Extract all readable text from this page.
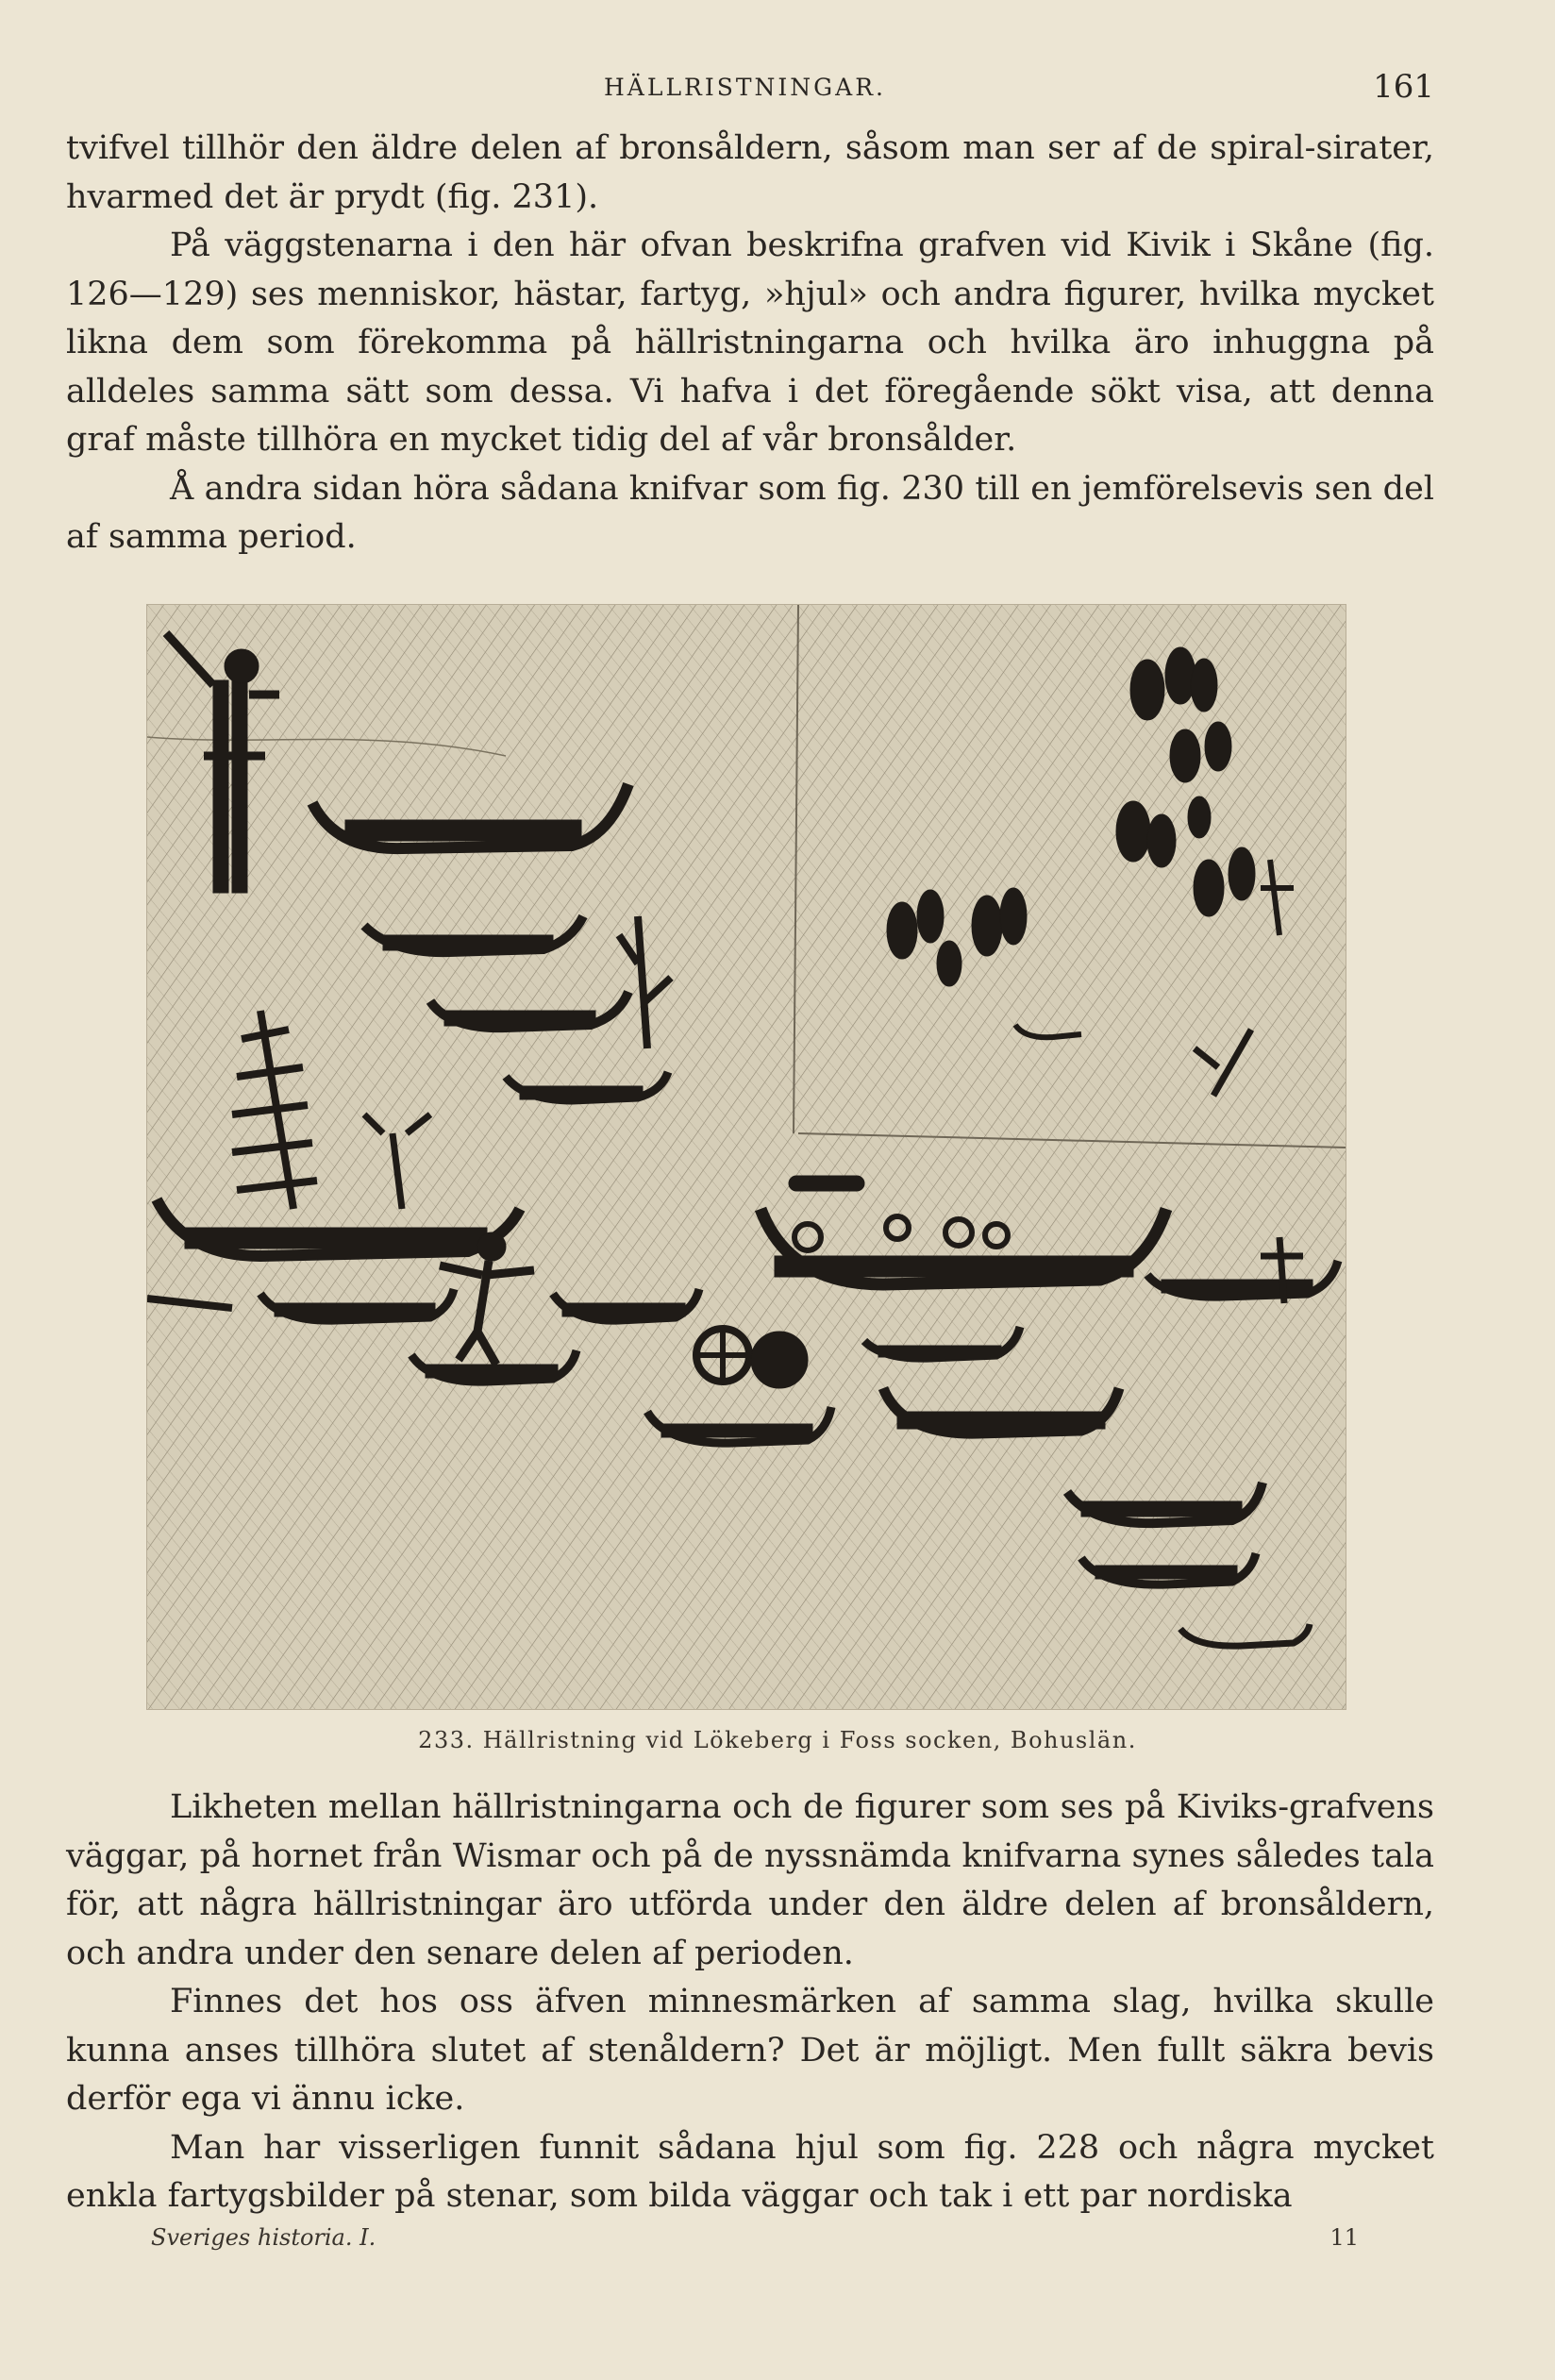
HÄLLRISTNINGAR.	161

tvifvel tillhör den äldre delen af bronsåldern, såsom man ser af de spiral-sirater, hvarmed det är prydt (fig. 231).

På väggstenarna i den här ofvan beskrifna grafven vid Kivik i Skåne (fig. 126—129) ses menniskor, hästar, fartyg, »hjul» och andra figurer, hvilka mycket likna dem som förekomma på hällristningarna och hvilka äro inhuggna på alldeles samma sätt som dessa. Vi hafva i det föregående sökt visa, att denna graf måste tillhöra en mycket tidig del af vår bronsålder.

Å andra sidan höra sådana knifvar som fig. 230 till en jemförelsevis sen del af samma period.

233. Hällristning vid Lökeberg i Foss socken, Bohuslän.

Likheten mellan hällristningarna och de figurer som ses på Kiviks-grafvens väggar, på hornet från Wismar och på de nyssnämda knifvarna synes således tala för, att några hällristningar äro utförda under den äldre delen af bronsåldern, och andra under den senare delen af perioden.

Finnes det hos oss äfven minnesmärken af samma slag, hvilka skulle kunna anses tillhöra slutet af stenåldern? Det är möjligt. Men fullt säkra bevis derför ega vi ännu icke.

Man har visserligen funnit sådana hjul som fig. 228 och några mycket enkla fartygsbilder på stenar, som bilda väggar och tak i ett par nordiska

Sveriges historia. I.	11
